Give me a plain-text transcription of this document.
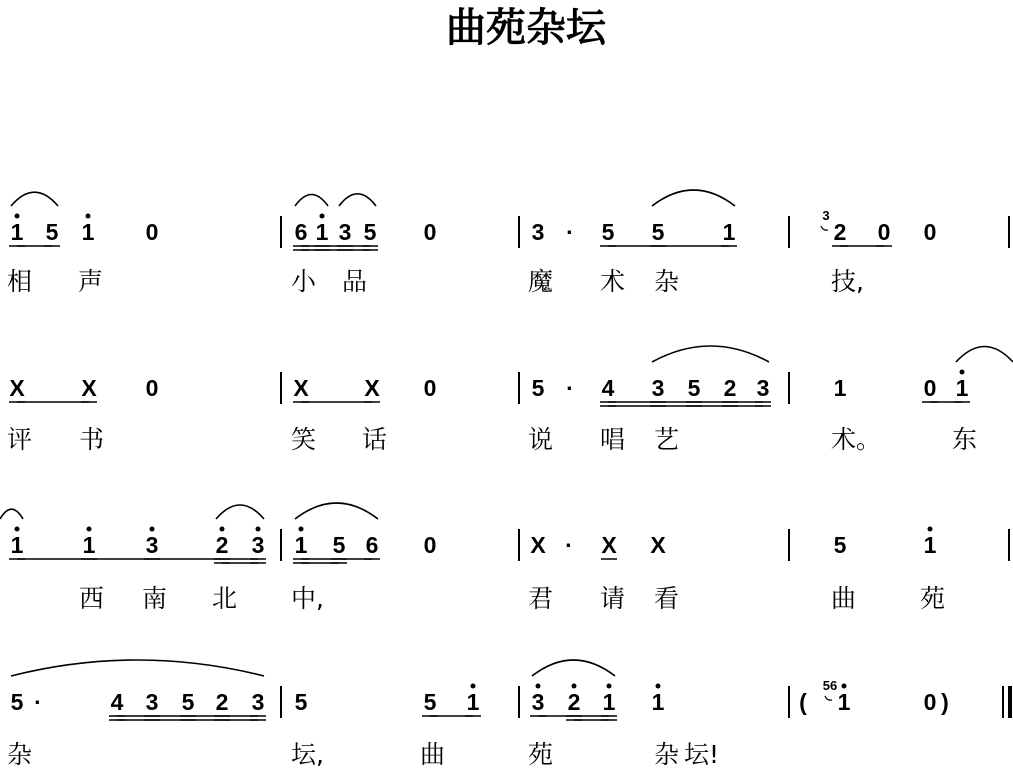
曲苑杂坛
1 5 1 0	6 1 3 5 0	3 · 5 5	1	2
3
0 0
相 声	小 品	魔 术 杂	技,
X X 0	X X 0	5 · 4 3 5 2 3	1	0 1
评 书	笑 话	说 唱 艺	术。	东
1	1 3 2 3 1 5 6 0	X · X X	5	1
西 南 北 中,	君 请 看	曲	苑
5 ·	4 3 5 2 3 5	5 1 3 2 1 1	( 1
56
0 )
杂	坛,	曲	苑	杂 坛!
